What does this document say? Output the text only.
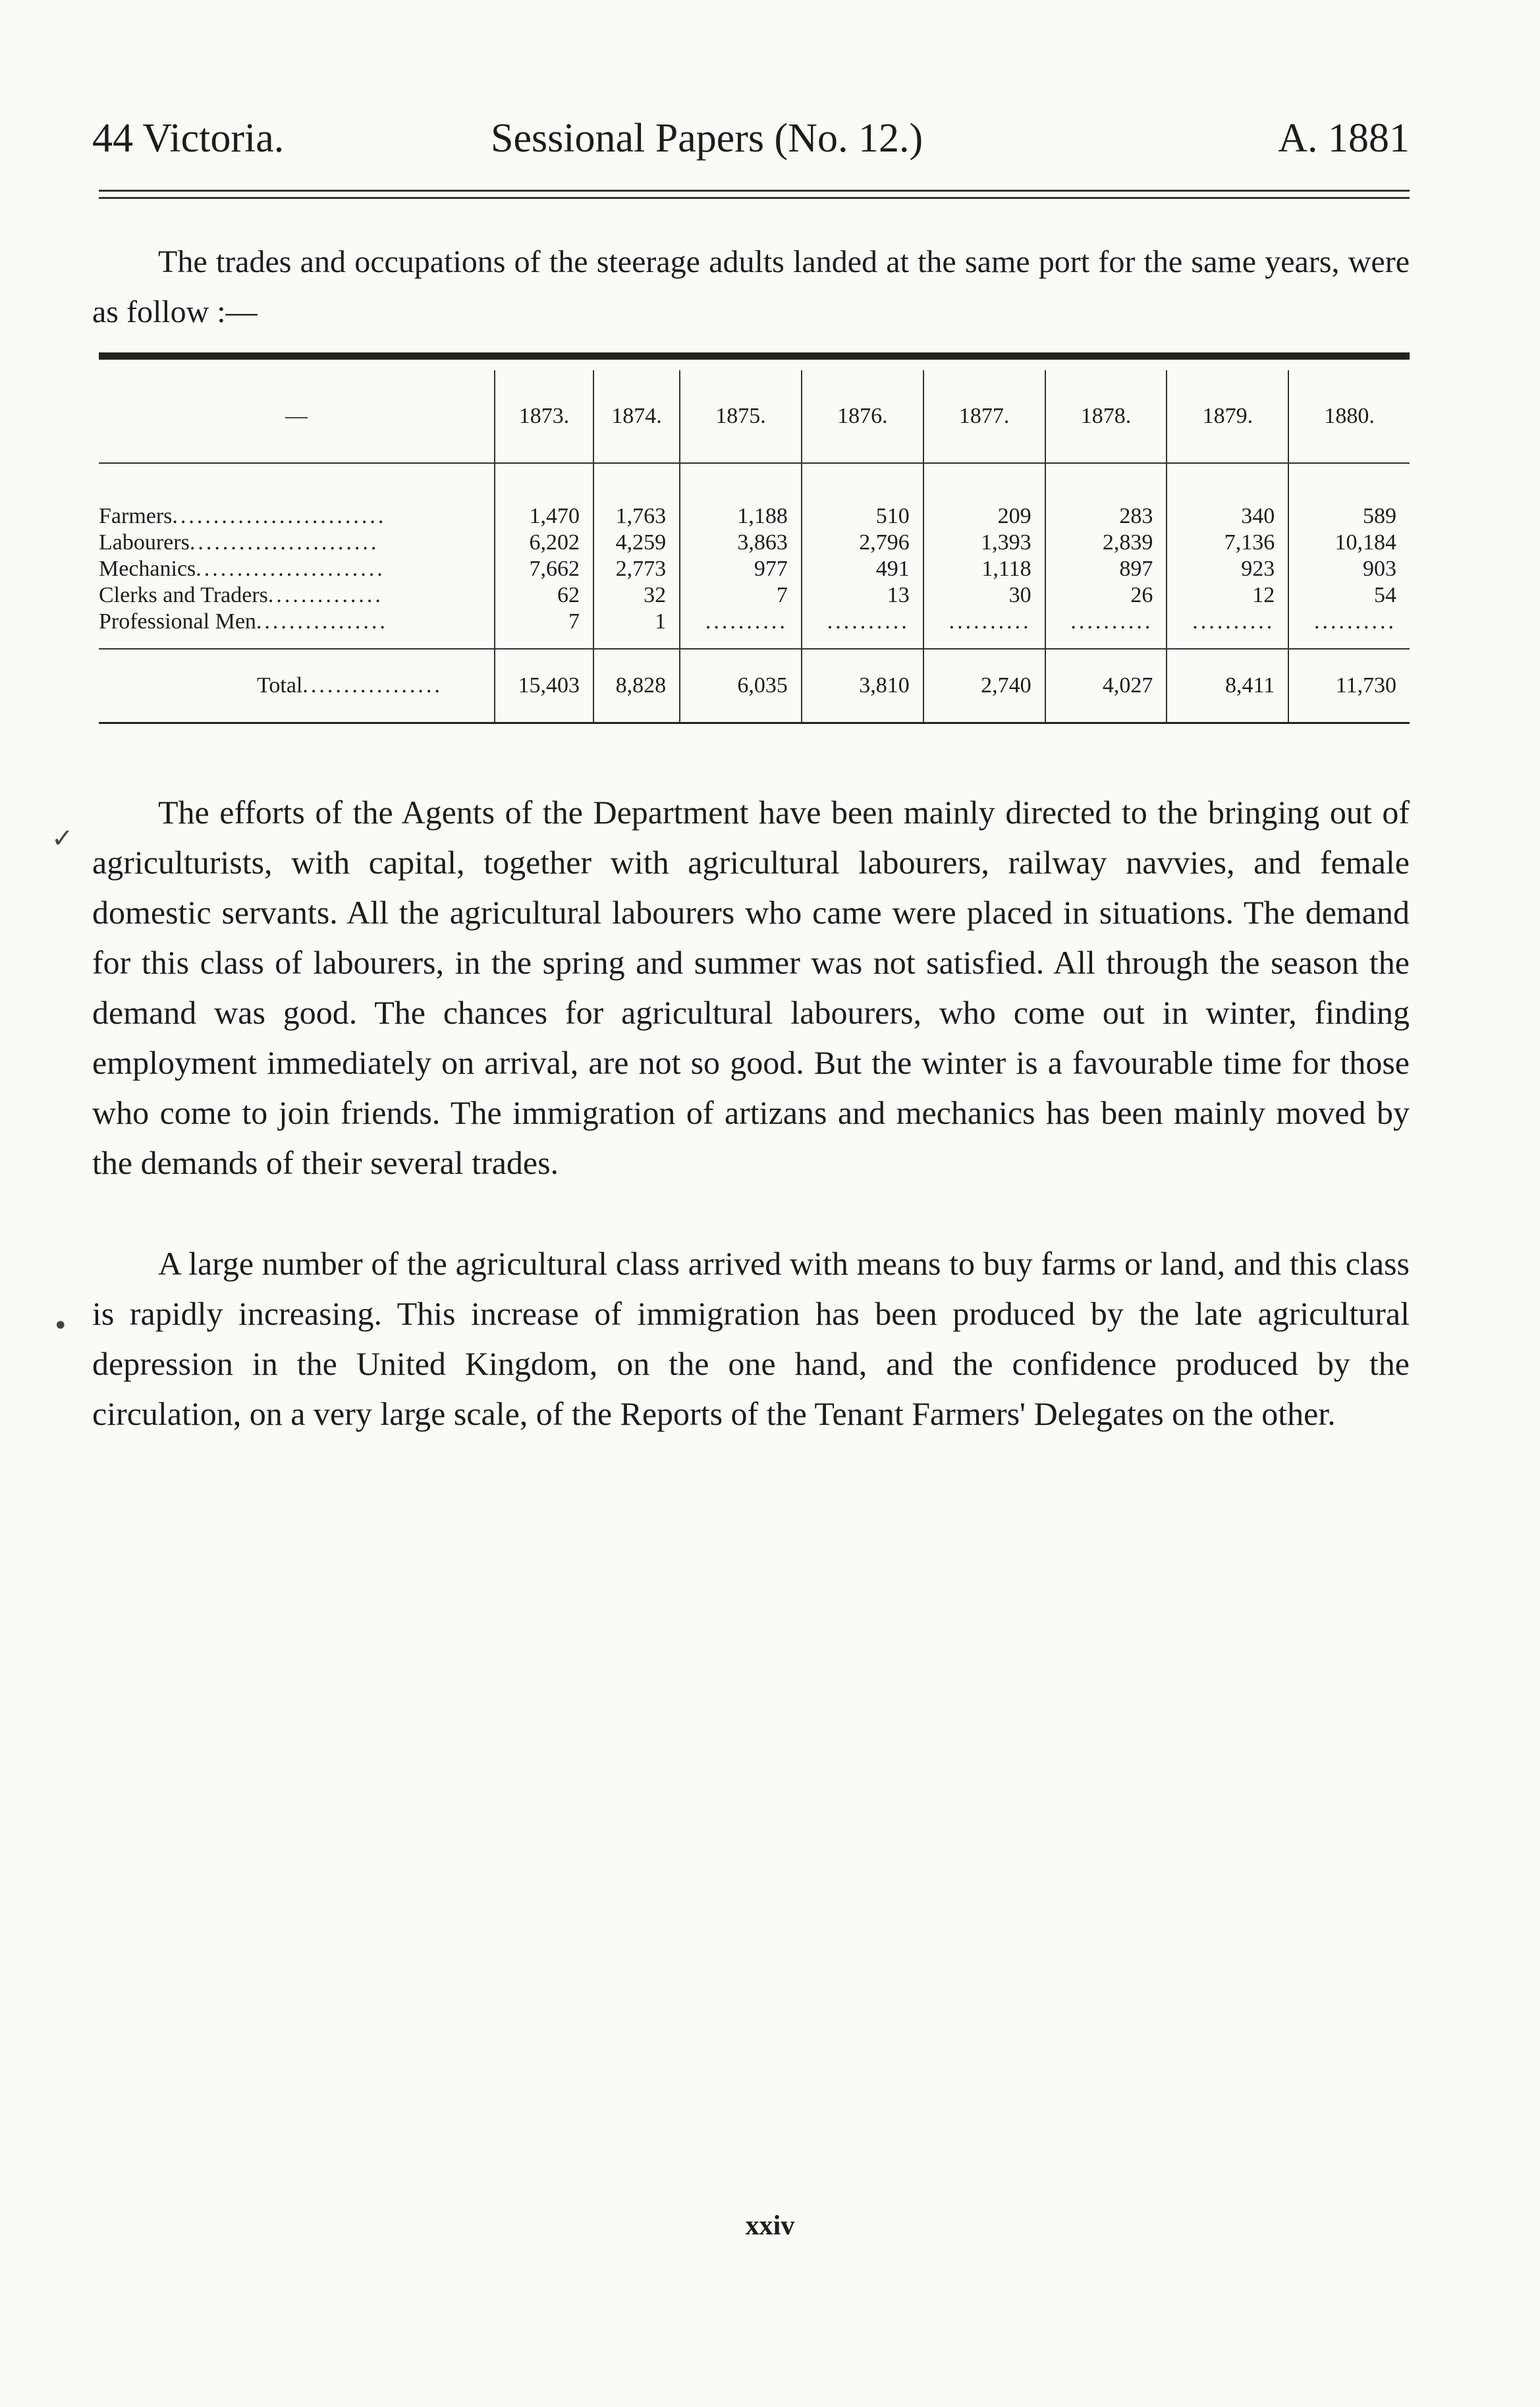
44 Victoria.	Sessional Papers (No. 12.)	A. 1881
The trades and occupations of the steerage adults landed at the same port for the same years, were as follow :—
—	1873.	1874.	1875.	1876.	1877.	1878.	1879.	1880.
Farmers..........................	1,470	1,763	1,188	510	209	283	340	589
Labourers.......................	6,202	4,259	3,863	2,796	1,393	2,839	7,136	10,184
Mechanics.......................	7,662	2,773	977	491	1,118	897	923	903
Clerks and Traders..............	62	32	7	13	30	26	12	54
Professional Men................	7	1	..........	..........	..........	..........	..........	..........
Total.................	15,403	8,828	6,035	3,810	2,740	4,027	8,411	11,730
✓
The efforts of the Agents of the Department have been mainly directed to the bringing out of agriculturists, with capital, together with agricultural labourers, railway navvies, and female domestic servants. All the agricultural labourers who came were placed in situations. The demand for this class of labourers, in the spring and summer was not satisfied. All through the season the demand was good. The chances for agricultural labourers, who come out in winter, finding employment immediately on arrival, are not so good. But the winter is a favourable time for those who come to join friends. The immigration of artizans and mechanics has been mainly moved by the demands of their several trades.
•
A large number of the agricultural class arrived with means to buy farms or land, and this class is rapidly increasing. This increase of immigration has been produced by the late agricultural depression in the United Kingdom, on the one hand, and the confidence produced by the circulation, on a very large scale, of the Reports of the Tenant Farmers' Delegates on the other.
xxiv
